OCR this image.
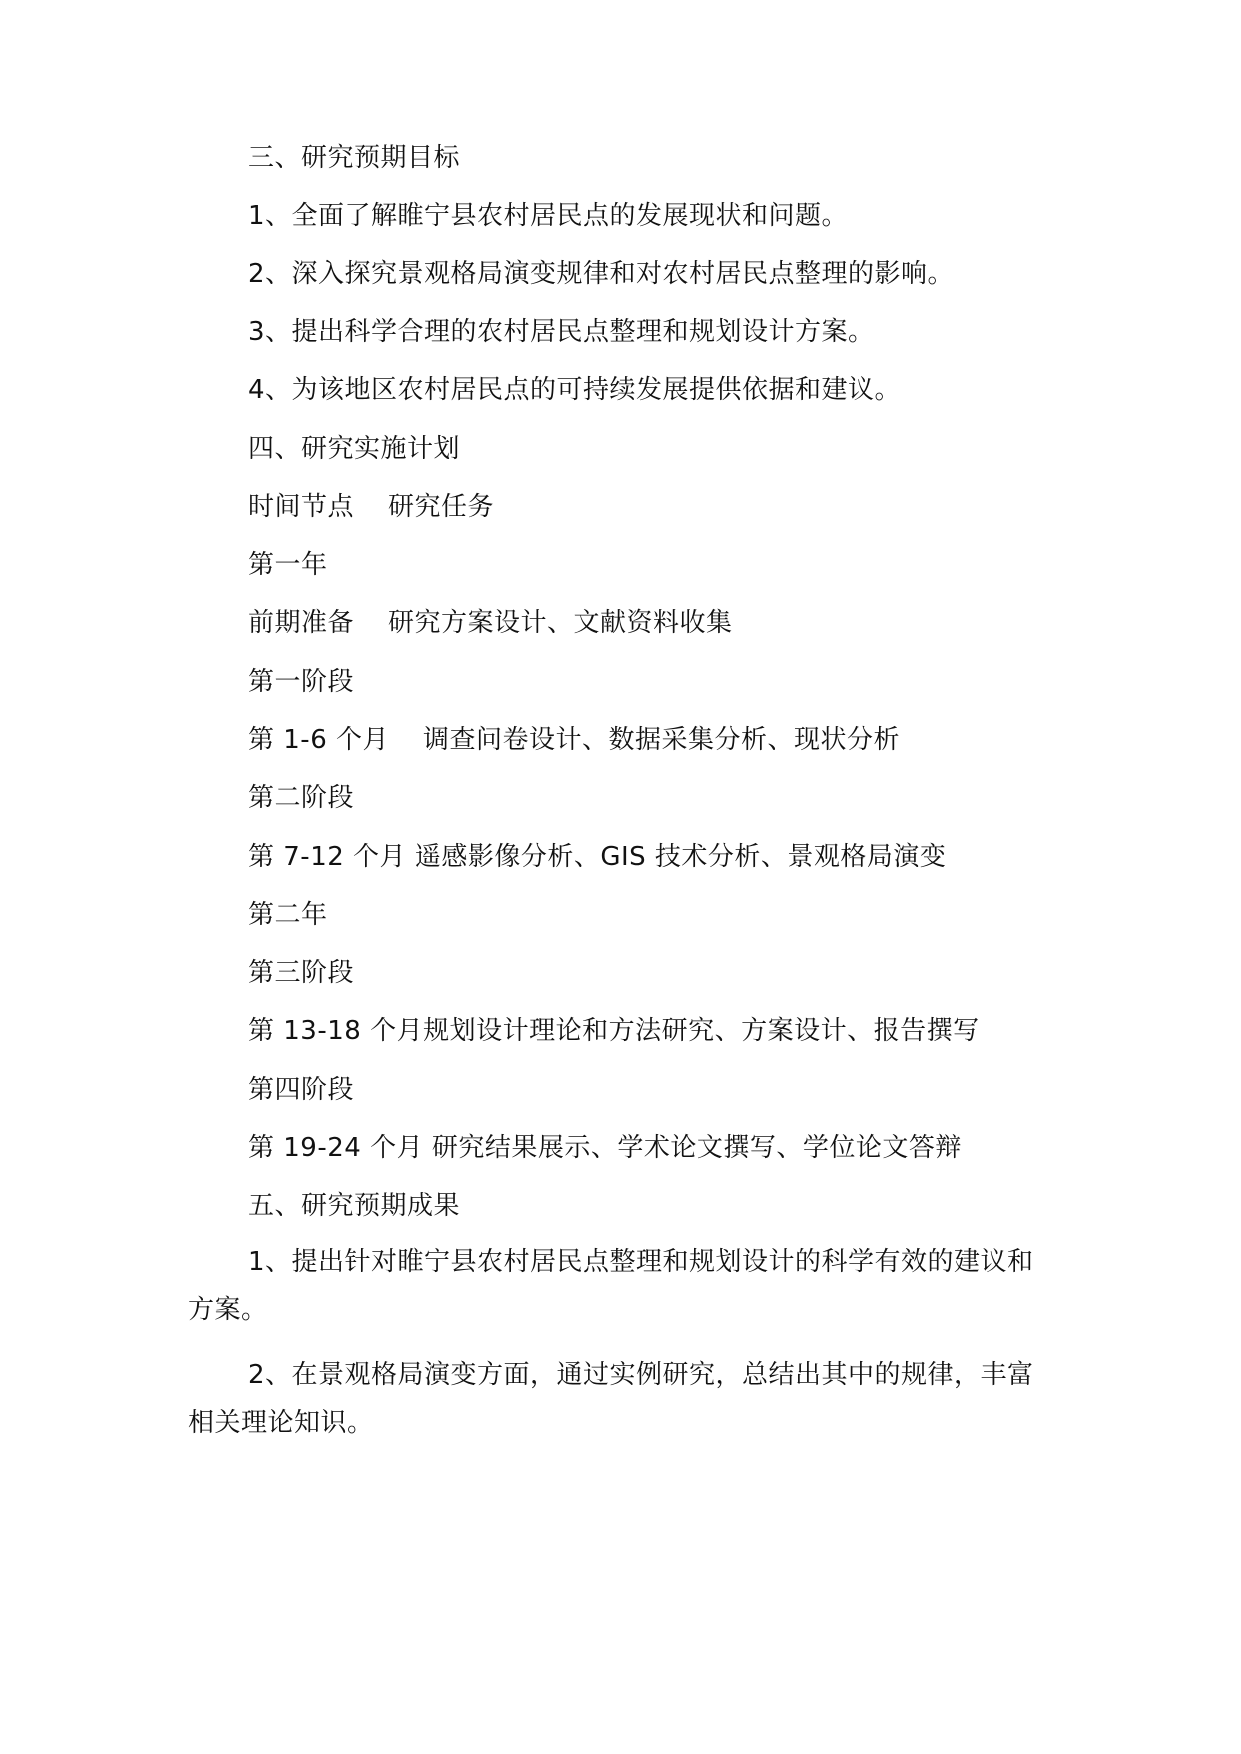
三、研究预期目标
1、全面了解睢宁县农村居民点的发展现状和问题。
2、深入探究景观格局演变规律和对农村居民点整理的影响。
3、提出科学合理的农村居民点整理和规划设计方案。
4、为该地区农村居民点的可持续发展提供依据和建议。
四、研究实施计划
时间节点 研究任务
第一年
前期准备 研究方案设计、文献资料收集
第一阶段
第 1-6 个月 调查问卷设计、数据采集分析、现状分析
第二阶段
第 7-12 个月 遥感影像分析、GIS 技术分析、景观格局演变
第二年
第三阶段
第 13-18 个月规划设计理论和方法研究、方案设计、报告撰写
第四阶段
第 19-24 个月 研究结果展示、学术论文撰写、学位论文答辩
五、研究预期成果
1、提出针对睢宁县农村居民点整理和规划设计的科学有效的建议和方案。
2、在景观格局演变方面，通过实例研究，总结出其中的规律，丰富相关理论知识。
